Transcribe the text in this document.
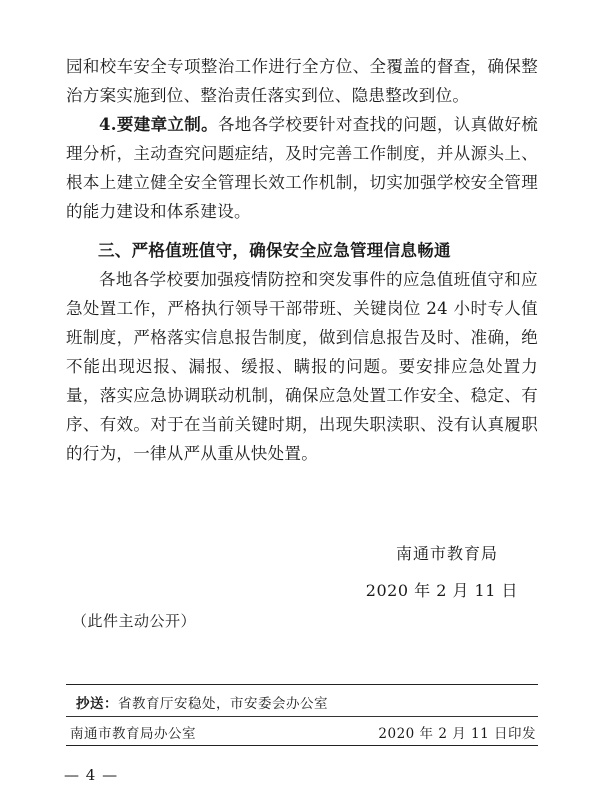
园和校车安全专项整治工作进行全方位、全覆盖的督查，确保整治方案实施到位、整治责任落实到位、隐患整改到位。

4.要建章立制。各地各学校要针对查找的问题，认真做好梳理分析，主动查究问题症结，及时完善工作制度，并从源头上、根本上建立健全安全管理长效工作机制，切实加强学校安全管理的能力建设和体系建设。

三、严格值班值守，确保安全应急管理信息畅通

各地各学校要加强疫情防控和突发事件的应急值班值守和应急处置工作，严格执行领导干部带班、关键岗位 24 小时专人值班制度，严格落实信息报告制度，做到信息报告及时、准确，绝不能出现迟报、漏报、缓报、瞒报的问题。要安排应急处置力量，落实应急协调联动机制，确保应急处置工作安全、稳定、有序、有效。对于在当前关键时期，出现失职渎职、没有认真履职的行为，一律从严从重从快处置。

南通市教育局
2020 年 2 月 11 日
（此件主动公开）
抄送：省教育厅安稳处，市安委会办公室
南通市教育局办公室	2020 年 2 月 11 日印发
— 4 —
